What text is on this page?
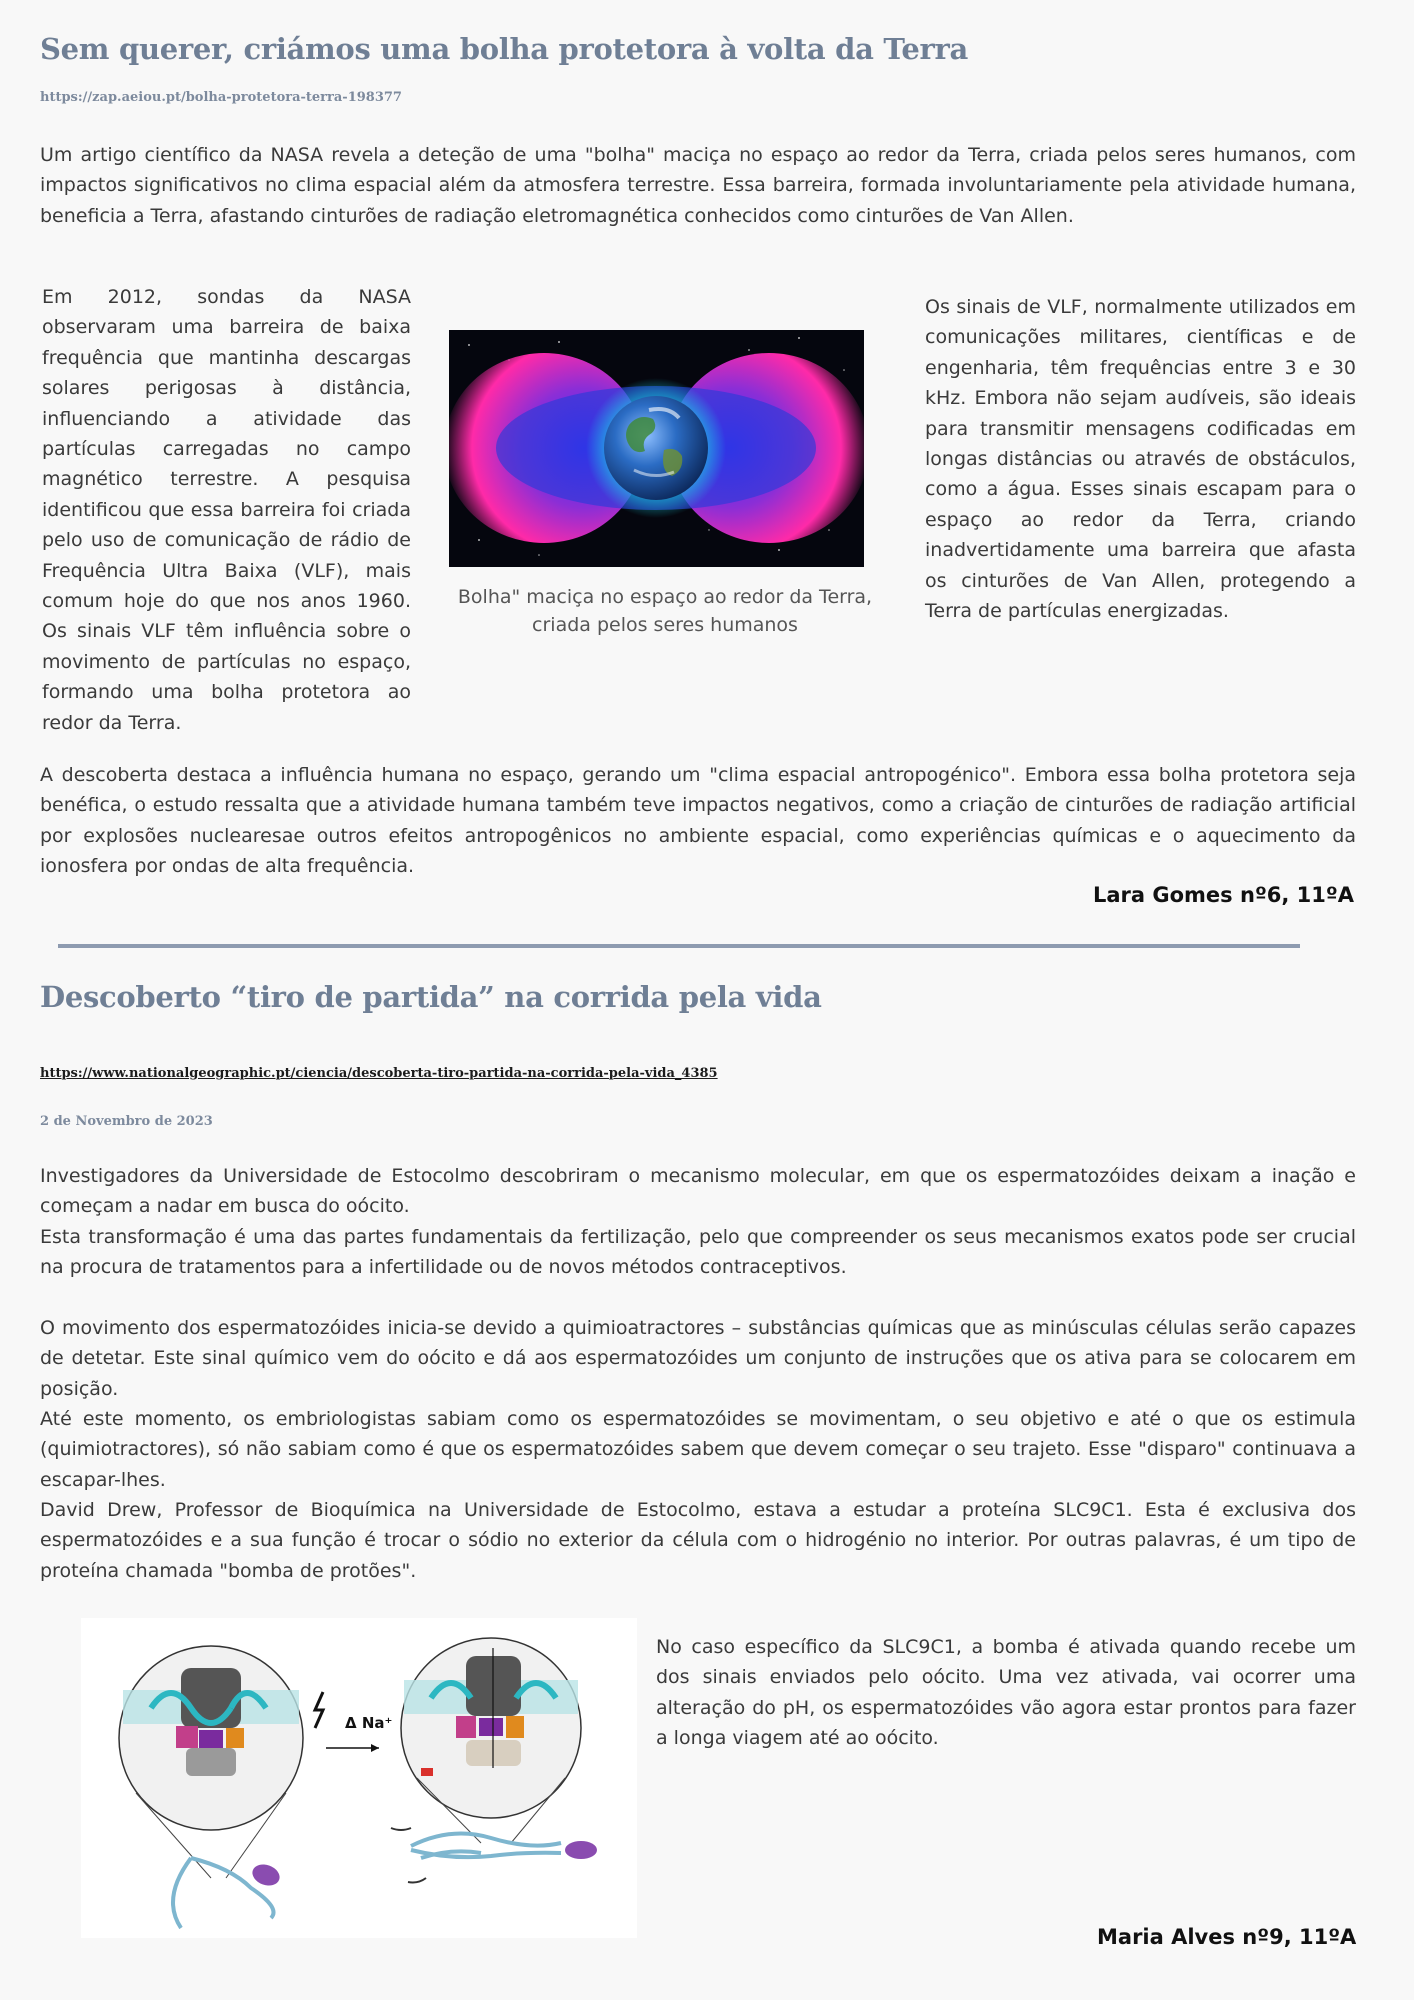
Sem querer, criámos uma bolha protetora à volta da Terra
https://zap.aeiou.pt/bolha-protetora-terra-198377

Um artigo científico da NASA revela a deteção de uma "bolha" maciça no espaço ao redor da Terra, criada pelos seres humanos, com impactos significativos no clima espacial além da atmosfera terrestre. Essa barreira, formada involuntariamente pela atividade humana, beneficia a Terra, afastando cinturões de radiação eletromagnética conhecidos como cinturões de Van Allen.

Em 2012, sondas da NASA observaram uma barreira de baixa frequência que mantinha descargas solares perigosas à distância, influenciando a atividade das partículas carregadas no campo magnético terrestre. A pesquisa identificou que essa barreira foi criada pelo uso de comunicação de rádio de Frequência Ultra Baixa (VLF), mais comum hoje do que nos anos 1960. Os sinais VLF têm influência sobre o movimento de partículas no espaço, formando uma bolha protetora ao redor da Terra.

Bolha" maciça no espaço ao redor da Terra, criada pelos seres humanos

Os sinais de VLF, normalmente utilizados em comunicações militares, científicas e de engenharia, têm frequências entre 3 e 30 kHz. Embora não sejam audíveis, são ideais para transmitir mensagens codificadas em longas distâncias ou através de obstáculos, como a água. Esses sinais escapam para o espaço ao redor da Terra, criando inadvertidamente uma barreira que afasta os cinturões de Van Allen, protegendo a Terra de partículas energizadas.

A descoberta destaca a influência humana no espaço, gerando um "clima espacial antropogénico". Embora essa bolha protetora seja benéfica, o estudo ressalta que a atividade humana também teve impactos negativos, como a criação de cinturões de radiação artificial por explosões nuclearesae outros efeitos antropogênicos no ambiente espacial, como experiências químicas e o aquecimento da ionosfera por ondas de alta frequência.

Lara Gomes nº6, 11ºA
Descoberto “tiro de partida” na corrida pela vida
https://www.nationalgeographic.pt/ciencia/descoberta-tiro-partida-na-corrida-pela-vida_4385
2 de Novembro de 2023

Investigadores da Universidade de Estocolmo descobriram o mecanismo molecular, em que os espermatozóides deixam a inação e começam a nadar em busca do oócito.

Esta transformação é uma das partes fundamentais da fertilização, pelo que compreender os seus mecanismos exatos pode ser crucial na procura de tratamentos para a infertilidade ou de novos métodos contraceptivos.

O movimento dos espermatozóides inicia-se devido a quimioatractores – substâncias químicas que as minúsculas células serão capazes de detetar. Este sinal químico vem do oócito e dá aos espermatozóides um conjunto de instruções que os ativa para se colocarem em posição.

Até este momento, os embriologistas sabiam como os espermatozóides se movimentam, o seu objetivo e até o que os estimula (quimiotractores), só não sabiam como é que os espermatozóides sabem que devem começar o seu trajeto. Esse "disparo" continuava a escapar-lhes.

David Drew, Professor de Bioquímica na Universidade de Estocolmo, estava a estudar a proteína SLC9C1. Esta é exclusiva dos espermatozóides e a sua função é trocar o sódio no exterior da célula com o hidrogénio no interior. Por outras palavras, é um tipo de proteína chamada "bomba de protões".

Δ Na⁺

No caso específico da SLC9C1, a bomba é ativada quando recebe um dos sinais enviados pelo oócito. Uma vez ativada, vai ocorrer uma alteração do pH, os espermatozóides vão agora estar prontos para fazer a longa viagem até ao oócito.

Maria Alves nº9, 11ºA
